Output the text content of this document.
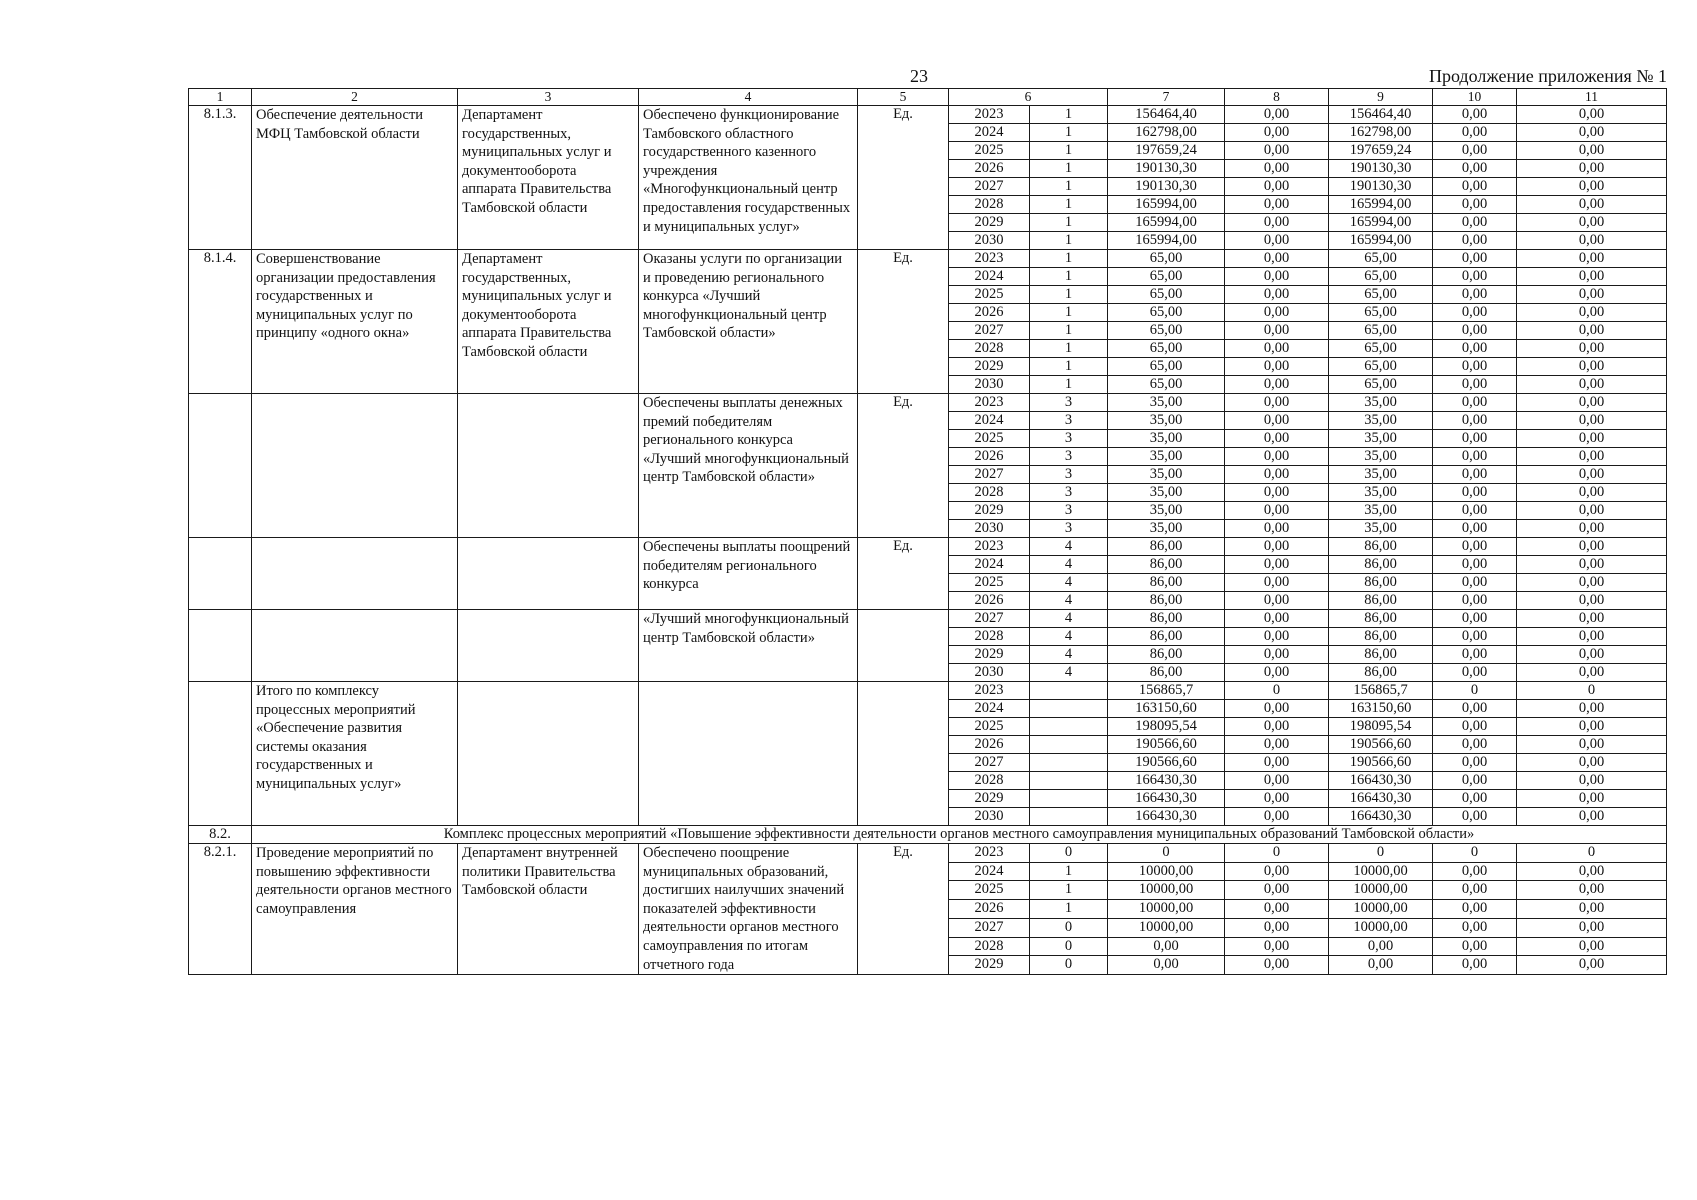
23	Продолжение приложения № 1
1	2	3	4	5	6		7	8	9	10	11
8.1.3.	Обеспечение деятельности МФЦ Тамбовской области	Департамент государственных, муниципальных услуг и документооборота аппарата Правительства Тамбовской области	Обеспечено функционирование Тамбовского областного государственного казенного учреждения «Многофункциональный центр предоставления государственных и муниципальных услуг»	Ед.	2023	1	156464,40	0,00	156464,40	0,00	0,00
					2024	1	162798,00	0,00	162798,00	0,00	0,00
					2025	1	197659,24	0,00	197659,24	0,00	0,00
					2026	1	190130,30	0,00	190130,30	0,00	0,00
					2027	1	190130,30	0,00	190130,30	0,00	0,00
					2028	1	165994,00	0,00	165994,00	0,00	0,00
					2029	1	165994,00	0,00	165994,00	0,00	0,00
					2030	1	165994,00	0,00	165994,00	0,00	0,00
8.1.4.	Совершенствование организации предоставления государственных и муниципальных услуг по принципу «одного окна»	Департамент государственных, муниципальных услуг и документооборота аппарата Правительства Тамбовской области	Оказаны услуги по организации и проведению регионального конкурса «Лучший многофункциональный центр Тамбовской области»	Ед.	2023	1	65,00	0,00	65,00	0,00	0,00
					2024	1	65,00	0,00	65,00	0,00	0,00
					2025	1	65,00	0,00	65,00	0,00	0,00
					2026	1	65,00	0,00	65,00	0,00	0,00
					2027	1	65,00	0,00	65,00	0,00	0,00
					2028	1	65,00	0,00	65,00	0,00	0,00
					2029	1	65,00	0,00	65,00	0,00	0,00
					2030	1	65,00	0,00	65,00	0,00	0,00
			Обеспечены выплаты денежных премий победителям регионального конкурса «Лучший многофункциональный центр Тамбовской области»	Ед.	2023	3	35,00	0,00	35,00	0,00	0,00
					2024	3	35,00	0,00	35,00	0,00	0,00
					2025	3	35,00	0,00	35,00	0,00	0,00
					2026	3	35,00	0,00	35,00	0,00	0,00
					2027	3	35,00	0,00	35,00	0,00	0,00
					2028	3	35,00	0,00	35,00	0,00	0,00
					2029	3	35,00	0,00	35,00	0,00	0,00
					2030	3	35,00	0,00	35,00	0,00	0,00
			Обеспечены выплаты поощрений победителям регионального конкурса	Ед.	2023	4	86,00	0,00	86,00	0,00	0,00
					2024	4	86,00	0,00	86,00	0,00	0,00
					2025	4	86,00	0,00	86,00	0,00	0,00
					2026	4	86,00	0,00	86,00	0,00	0,00
			«Лучший многофункциональный центр Тамбовской области»		2027	4	86,00	0,00	86,00	0,00	0,00
					2028	4	86,00	0,00	86,00	0,00	0,00
					2029	4	86,00	0,00	86,00	0,00	0,00
					2030	4	86,00	0,00	86,00	0,00	0,00
	Итого по комплексу процессных мероприятий «Обеспечение развития системы оказания государственных и муниципальных услуг»				2023		156865,7	0	156865,7	0	0
					2024		163150,60	0,00	163150,60	0,00	0,00
					2025		198095,54	0,00	198095,54	0,00	0,00
					2026		190566,60	0,00	190566,60	0,00	0,00
					2027		190566,60	0,00	190566,60	0,00	0,00
					2028		166430,30	0,00	166430,30	0,00	0,00
					2029		166430,30	0,00	166430,30	0,00	0,00
					2030		166430,30	0,00	166430,30	0,00	0,00
8.2.	Комплекс процессных мероприятий «Повышение эффективности деятельности органов местного самоуправления муниципальных образований Тамбовской области»										
8.2.1.	Проведение мероприятий по повышению эффективности деятельности органов местного самоуправления	Департамент внутренней политики Правительства Тамбовской области	Обеспечено поощрение муниципальных образований, достигших наилучших значений показателей эффективности деятельности органов местного самоуправления по итогам отчетного года	Ед.	2023	0	0	0	0	0	0
					2024	1	10000,00	0,00	10000,00	0,00	0,00
					2025	1	10000,00	0,00	10000,00	0,00	0,00
					2026	1	10000,00	0,00	10000,00	0,00	0,00
					2027	0	10000,00	0,00	10000,00	0,00	0,00
					2028	0	0,00	0,00	0,00	0,00	0,00
					2029	0	0,00	0,00	0,00	0,00	0,00
